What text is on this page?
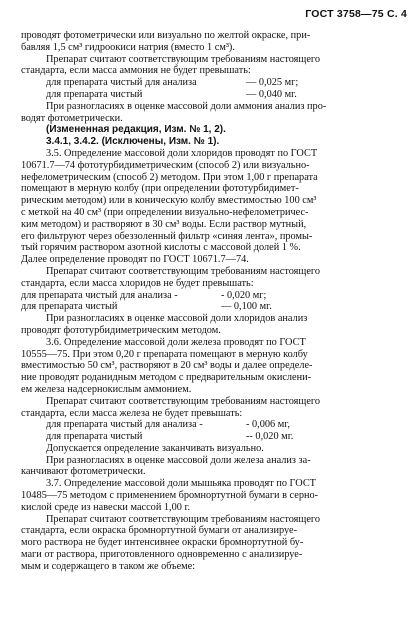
ГОСТ 3758—75 С. 4
проводят фотометрически или визуально по желтой окраске, при-
бавляя 1,5 см³ гидроокиси натрия (вместо 1 см³).
Препарат считают соответствующим требованиям настоящего
стандарта, если масса аммония не будет превышать:
для препарата чистый для анализа	— 0,025 мг;
для препарата чистый	— 0,040 мг.
При разногласиях в оценке массовой доли аммония анализ про-
водят фотометрически.
(Измененная редакция, Изм. № 1, 2).
3.4.1, 3.4.2. (Исключены, Изм. № 1).
3.5. Определение массовой доли хлоридов проводят по ГОСТ
10671.7—74 фототурбидиметрическим (способ 2) или визуально-
нефелометрическим (способ 2) методом. При этом 1,00 г препарата
помещают в мерную колбу (при определении фототурбидимет-
рическим методом) или в коническую колбу вместимостью 100 см³
с меткой на 40 см³ (при определении визуально-нефелометричес-
ким методом) и растворяют в 30 см³ воды. Если раствор мутный,
его фильтруют через обеззоленный фильтр «синяя лента», промы-
тый горячим раствором азотной кислоты с массовой долей 1 %.
Далее определение проводят по ГОСТ 10671.7—74.
Препарат считают соответствующим требованиям настоящего
стандарта, если масса хлоридов не будет превышать:
для препарата чистый для анализа -	- 0,020 мг;
для препарата чистый	— 0,100 мг.
При разногласиях в оценке массовой доли хлоридов анализ
проводят фототурбидиметрическим методом.
3.6. Определение массовой доли железа проводят по ГОСТ
10555—75. При этом 0,20 г препарата помещают в мерную колбу
вместимостью 50 см³, растворяют в 20 см³ воды и далее определе-
ние проводят роданидным методом с предварительным окислени-
ем железа надсернокислым аммонием.
Препарат считают соответствующим требованиям настоящего
стандарта, если масса железа не будет превышать:
для препарата чистый для анализа -	- 0,006 мг,
для препарата чистый	-- 0,020 мг.
Допускается определение заканчивать визуально.
При разногласиях в оценке массовой доли железа анализ за-
канчивают фотометрически.
3.7. Определение массовой доли мышьяка проводят по ГОСТ
10485—75 методом с применением бромнортутной бумаги в серно-
кислой среде из навески массой 1,00 г.
Препарат считают соответствующим требованиям настоящего
стандарта, если окраска бромнортутной бумаги от анализируе-
мого раствора не будет интенсивнее окраски бромнортутной бу-
маги от раствора, приготовленного одновременно с анализируе-
мым и содержащего в таком же объеме:
